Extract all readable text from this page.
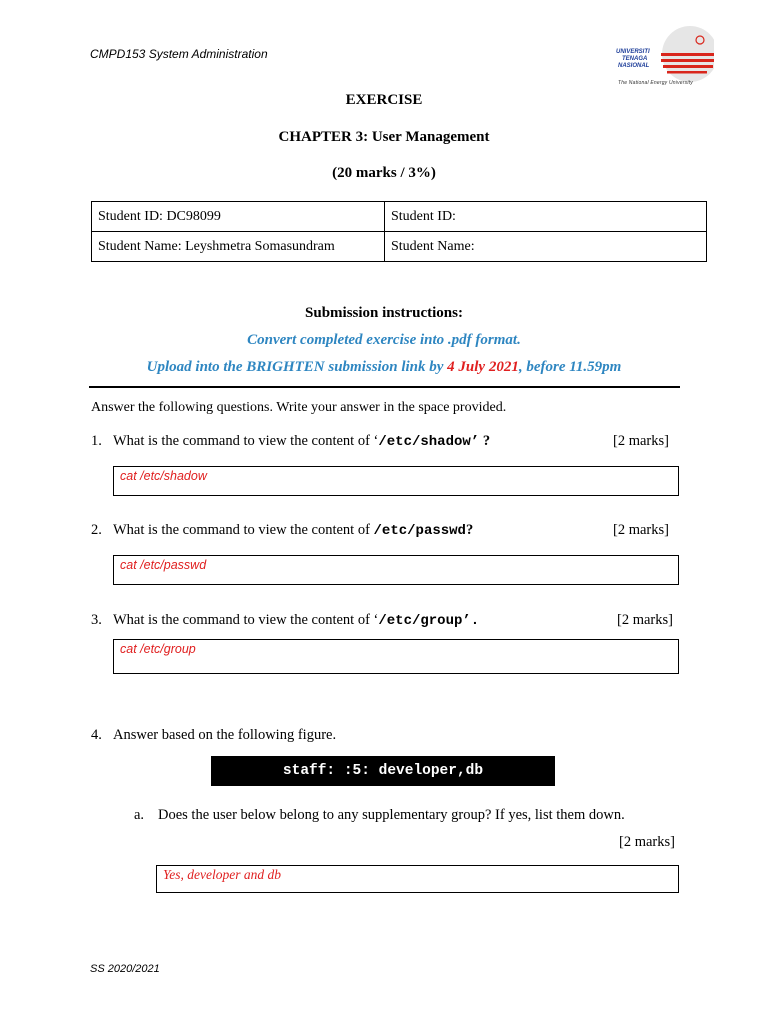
CMPD153 System Administration	UNIVERSITI
TENAGA
NASIONAL
The National Energy University
EXERCISE
CHAPTER 3: User Management
(20 marks / 3%)
Student ID: DC98099	Student ID:
Student Name: Leyshmetra Somasundram	Student Name:
Submission instructions:
Convert completed exercise into .pdf format.
Upload into the BRIGHTEN submission link by 4 July 2021, before 11.59pm
Answer the following questions. Write your answer in the space provided.
1. What is the command to view the content of ‘/etc/shadow’ ?	[2 marks]
cat /etc/shadow
2. What is the command to view the content of /etc/passwd?	[2 marks]
cat /etc/passwd
3. What is the command to view the content of ‘/etc/group’.	[2 marks]
cat /etc/group
4. Answer based on the following figure.
staff: :5: developer,db
a. Does the user below belong to any supplementary group? If yes, list them down.
[2 marks]
Yes, developer and db
SS 2020/2021
